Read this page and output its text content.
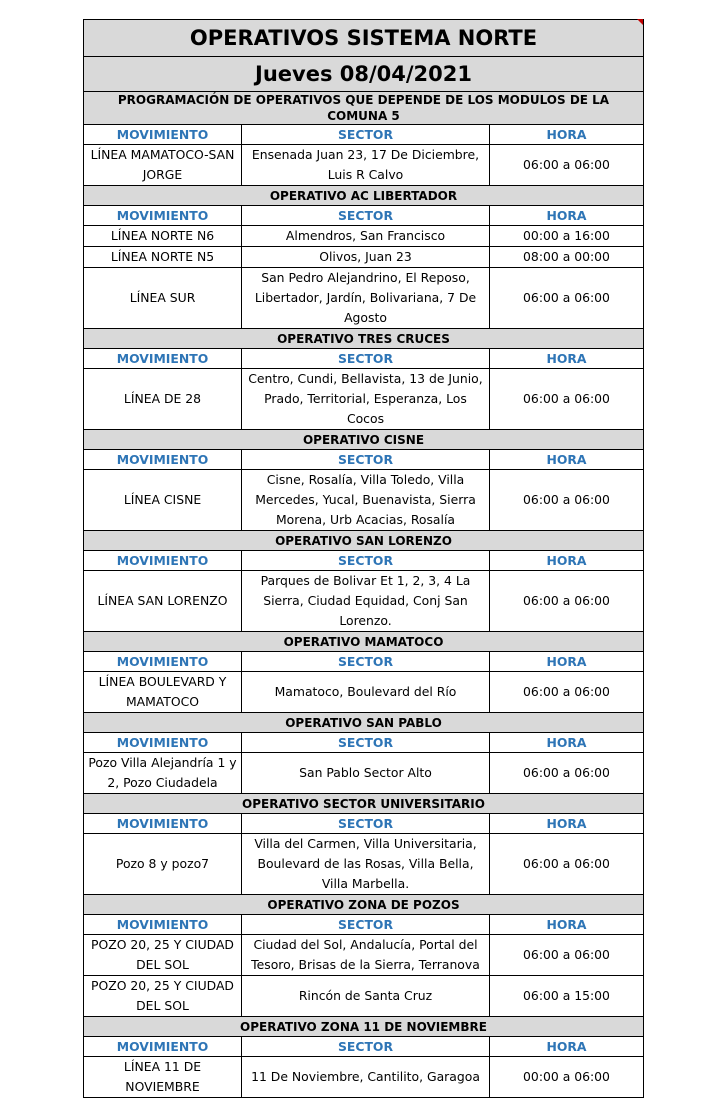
OPERATIVOS SISTEMA NORTE		
Jueves 08/04/2021		
PROGRAMACIÓN DE OPERATIVOS QUE DEPENDE DE LOS MODULOS DE LA COMUNA 5		
MOVIMIENTO	SECTOR	HORA
LÍNEA MAMATOCO-SAN JORGE	Ensenada Juan 23, 17 De Diciembre, Luis R Calvo	06:00 a 06:00
OPERATIVO AC LIBERTADOR		
MOVIMIENTO	SECTOR	HORA
LÍNEA NORTE N6	Almendros, San Francisco	00:00 a 16:00
LÍNEA NORTE N5	Olivos, Juan 23	08:00 a 00:00
LÍNEA SUR	San Pedro Alejandrino, El Reposo, Libertador, Jardín, Bolivariana, 7 De Agosto	06:00 a 06:00
OPERATIVO TRES CRUCES		
MOVIMIENTO	SECTOR	HORA
LÍNEA DE 28	Centro, Cundi, Bellavista, 13 de Junio, Prado, Territorial, Esperanza, Los Cocos	06:00 a 06:00
OPERATIVO CISNE		
MOVIMIENTO	SECTOR	HORA
LÍNEA CISNE	Cisne, Rosalía, Villa Toledo, Villa Mercedes, Yucal, Buenavista, Sierra Morena, Urb Acacias, Rosalía	06:00 a 06:00
OPERATIVO SAN LORENZO		
MOVIMIENTO	SECTOR	HORA
LÍNEA SAN LORENZO	Parques de Bolivar Et 1, 2, 3, 4 La Sierra, Ciudad Equidad, Conj San Lorenzo.	06:00 a 06:00
OPERATIVO MAMATOCO		
MOVIMIENTO	SECTOR	HORA
LÍNEA BOULEVARD Y MAMATOCO	Mamatoco, Boulevard del Río	06:00 a 06:00
OPERATIVO SAN PABLO		
MOVIMIENTO	SECTOR	HORA
Pozo Villa Alejandría 1 y 2, Pozo Ciudadela	San Pablo Sector Alto	06:00 a 06:00
OPERATIVO SECTOR UNIVERSITARIO		
MOVIMIENTO	SECTOR	HORA
Pozo 8 y pozo7	Villa del Carmen, Villa Universitaria, Boulevard de las Rosas, Villa Bella, Villa Marbella.	06:00 a 06:00
OPERATIVO ZONA DE POZOS		
MOVIMIENTO	SECTOR	HORA
POZO 20, 25 Y CIUDAD DEL SOL	Ciudad del Sol, Andalucía, Portal del Tesoro, Brisas de la Sierra, Terranova	06:00 a 06:00
POZO 20, 25 Y CIUDAD DEL SOL	Rincón de Santa Cruz	06:00 a 15:00
OPERATIVO ZONA 11 DE NOVIEMBRE		
MOVIMIENTO	SECTOR	HORA
LÍNEA 11 DE NOVIEMBRE	11 De Noviembre, Cantilito, Garagoa	00:00 a 06:00
